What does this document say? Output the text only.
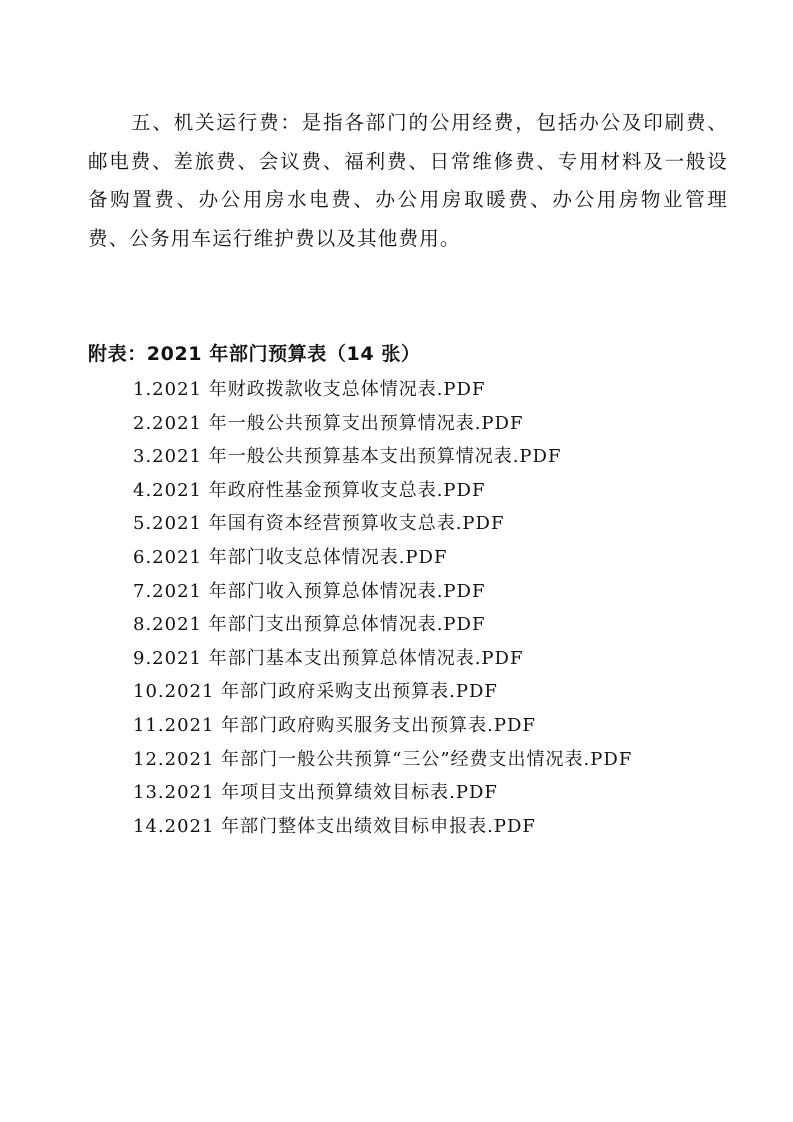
五、机关运行费：是指各部门的公用经费，包括办公及印刷费、邮电费、差旅费、会议费、福利费、日常维修费、专用材料及一般设备购置费、办公用房水电费、办公用房取暖费、办公用房物业管理费、公务用车运行维护费以及其他费用。

附表：2021 年部门预算表（14 张）
1.2021 年财政拨款收支总体情况表.PDF
2.2021 年一般公共预算支出预算情况表.PDF
3.2021 年一般公共预算基本支出预算情况表.PDF
4.2021 年政府性基金预算收支总表.PDF
5.2021 年国有资本经营预算收支总表.PDF
6.2021 年部门收支总体情况表.PDF
7.2021 年部门收入预算总体情况表.PDF
8.2021 年部门支出预算总体情况表.PDF
9.2021 年部门基本支出预算总体情况表.PDF
10.2021 年部门政府采购支出预算表.PDF
11.2021 年部门政府购买服务支出预算表.PDF
12.2021 年部门一般公共预算“三公”经费支出情况表.PDF
13.2021 年项目支出预算绩效目标表.PDF
14.2021 年部门整体支出绩效目标申报表.PDF
